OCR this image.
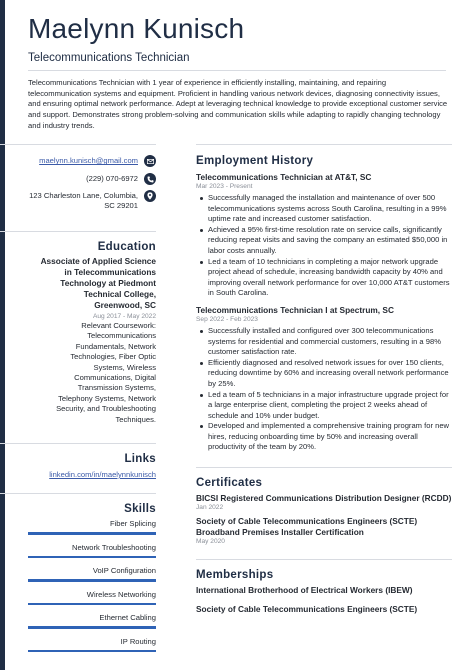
Maelynn Kunisch
Telecommunications Technician
Telecommunications Technician with 1 year of experience in efficiently installing, maintaining, and repairing telecommunication systems and equipment. Proficient in handling various network devices, diagnosing connectivity issues, and ensuring optimal network performance. Adept at leveraging technical knowledge to provide exceptional customer service and support. Demonstrates strong problem-solving and communication skills while adapting to rapidly changing technology and industry trends.
maelynn.kunisch@gmail.com
(229) 070-6972
123 Charleston Lane, Columbia,
SC 29201
Education
Associate of Applied Science
in Telecommunications
Technology at Piedmont
Technical College,
Greenwood, SC
Aug 2017 - May 2022
Relevant Coursework:
Telecommunications
Fundamentals, Network
Technologies, Fiber Optic
Systems, Wireless
Communications, Digital
Transmission Systems,
Telephony Systems, Network
Security, and Troubleshooting
Techniques.
Links
linkedin.com/in/maelynnkunisch
Skills
Fiber Splicing
Network Troubleshooting
VoIP Configuration
Wireless Networking
Ethernet Cabling
IP Routing
Employment History
Telecommunications Technician at AT&T, SC
Mar 2023 - Present
Successfully managed the installation and maintenance of over 500 telecommunications systems across South Carolina, resulting in a 99% uptime rate and increased customer satisfaction.
Achieved a 95% first-time resolution rate on service calls, significantly reducing repeat visits and saving the company an estimated $50,000 in labor costs annually.
Led a team of 10 technicians in completing a major network upgrade project ahead of schedule, increasing bandwidth capacity by 40% and improving overall network performance for over 10,000 AT&T customers in South Carolina.
Telecommunications Technician I at Spectrum, SC
Sep 2022 - Feb 2023
Successfully installed and configured over 300 telecommunications systems for residential and commercial customers, resulting in a 98% customer satisfaction rate.
Efficiently diagnosed and resolved network issues for over 150 clients, reducing downtime by 60% and increasing overall network performance by 25%.
Led a team of 5 technicians in a major infrastructure upgrade project for a large enterprise client, completing the project 2 weeks ahead of schedule and 10% under budget.
Developed and implemented a comprehensive training program for new hires, reducing onboarding time by 50% and increasing overall productivity of the team by 20%.
Certificates
BICSI Registered Communications Distribution Designer (RCDD)
Jan 2022
Society of Cable Telecommunications Engineers (SCTE)
Broadband Premises Installer Certification
May 2020
Memberships
International Brotherhood of Electrical Workers (IBEW)
Society of Cable Telecommunications Engineers (SCTE)
